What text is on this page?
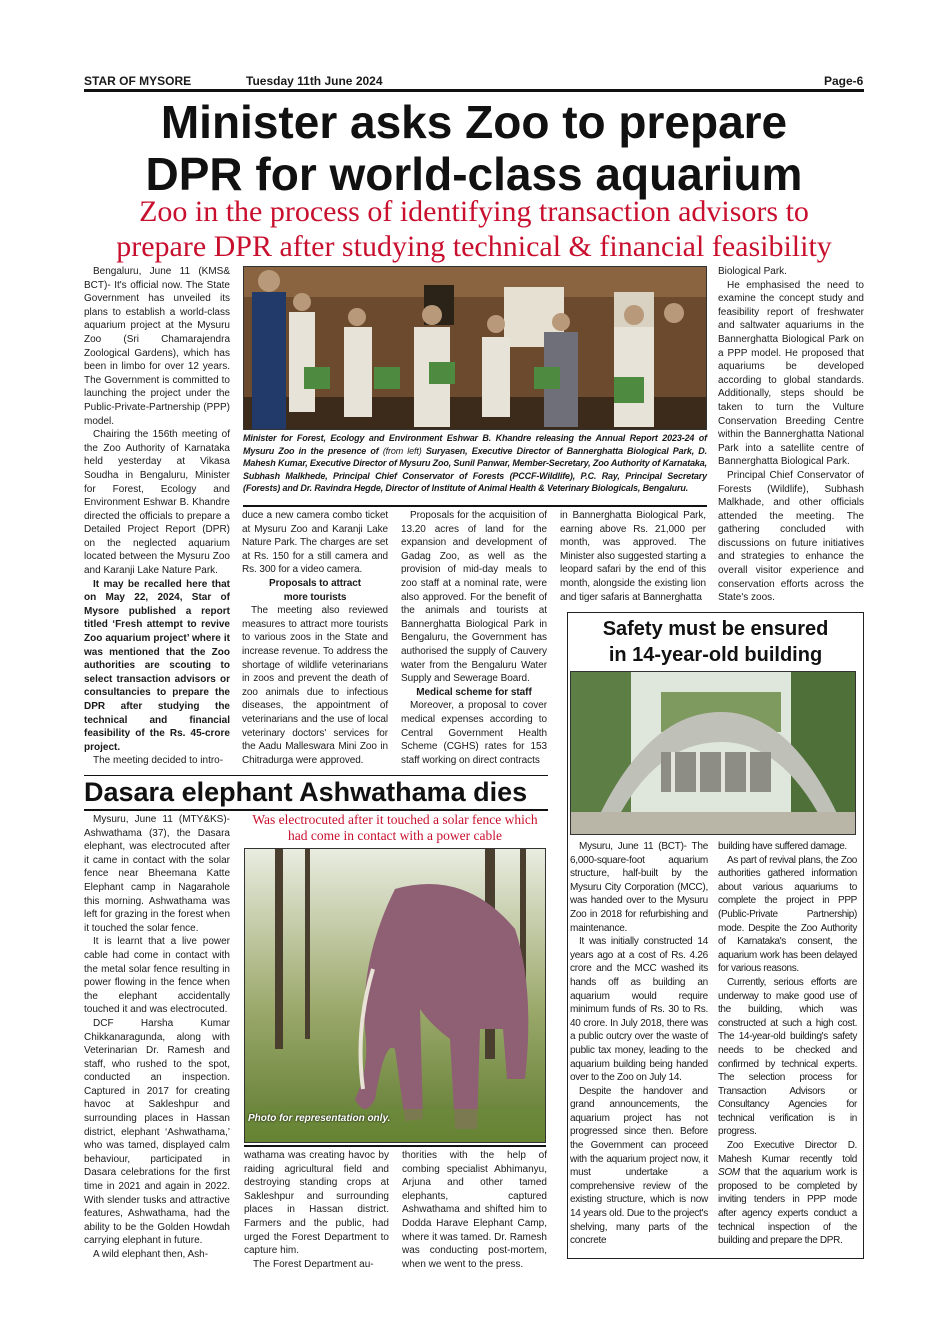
STAR OF MYSORE	Tuesday 11th June 2024	Page-6
Minister asks Zoo to prepare
DPR for world-class aquarium
Zoo in the process of identifying transaction advisors to
prepare DPR after studying technical & financial feasibility

Bengaluru, June 11 (KMS& BCT)- It's official now. The State Government has unveiled its plans to establish a world-class aquarium project at the Mysuru Zoo (Sri Chamarajendra Zoological Gardens), which has been in limbo for over 12 years. The Government is committed to launching the project under the Public-Private-Partnership (PPP) model.

Chairing the 156th meeting of the Zoo Authority of Karnataka held yesterday at Vikasa Soudha in Bengaluru, Minister for Forest, Ecology and Environment Eshwar B. Khandre directed the officials to prepare a Detailed Project Report (DPR) on the neglected aquarium located between the Mysuru Zoo and Karanji Lake Nature Park.

It may be recalled here that on May 22, 2024, Star of Mysore published a report titled ‘Fresh attempt to revive Zoo aquarium project’ where it was mentioned that the Zoo authorities are scouting to select transaction advisors or consultancies to prepare the DPR after studying the technical and financial feasibility of the Rs. 45-crore project.

The meeting decided to intro-

Minister for Forest, Ecology and Environment Eshwar B. Khandre releasing the Annual Report 2023-24 of Mysuru Zoo in the presence of (from left) Suryasen, Executive Director of Bannerghatta Biological Park, D. Mahesh Kumar, Executive Director of Mysuru Zoo, Sunil Panwar, Member-Secretary, Zoo Authority of Karnataka, Subhash Malkhede, Principal Chief Conservator of Forests (PCCF-Wildlife), P.C. Ray, Principal Secretary (Forests) and Dr. Ravindra Hegde, Director of Institute of Animal Health & Veterinary Biologicals, Bengaluru.

duce a new camera combo ticket at Mysuru Zoo and Karanji Lake Nature Park. The charges are set at Rs. 150 for a still camera and Rs. 300 for a video camera.

Proposals to attract
more tourists

The meeting also reviewed measures to attract more tourists to various zoos in the State and increase revenue. To address the shortage of wildlife veterinarians in zoos and prevent the death of zoo animals due to infectious diseases, the appointment of veterinarians and the use of local veterinary doctors' services for the Aadu Malleswara Mini Zoo in Chitradurga were approved.

Proposals for the acquisition of 13.20 acres of land for the expansion and development of Gadag Zoo, as well as the provision of mid-day meals to zoo staff at a nominal rate, were also approved. For the benefit of the animals and tourists at Bannerghatta Biological Park in Bengaluru, the Government has authorised the supply of Cauvery water from the Bengaluru Water Supply and Sewerage Board.

Medical scheme for staff

Moreover, a proposal to cover medical expenses according to Central Government Health Scheme (CGHS) rates for 153 staff working on direct contracts

in Bannerghatta Biological Park, earning above Rs. 21,000 per month, was approved. The Minister also suggested starting a leopard safari by the end of this month, alongside the existing lion and tiger safaris at Bannerghatta

Biological Park.

He emphasised the need to examine the concept study and feasibility report of freshwater and saltwater aquariums in the Bannerghatta Biological Park on a PPP model. He proposed that aquariums be developed according to global standards. Additionally, steps should be taken to turn the Vulture Conservation Breeding Centre within the Bannerghatta National Park into a satellite centre of Bannerghatta Biological Park.

Principal Chief Conservator of Forests (Wildlife), Subhash Malkhade, and other officials attended the meeting. The gathering concluded with discussions on future initiatives and strategies to enhance the overall visitor experience and conservation efforts across the State's zoos.

Dasara elephant Ashwathama dies

Mysuru, June 11 (MTY&KS)- Ashwathama (37), the Dasara elephant, was electrocuted after it came in contact with the solar fence near Bheemana Katte Elephant camp in Nagarahole this morning. Ashwathama was left for grazing in the forest when it touched the solar fence.

It is learnt that a live power cable had come in contact with the metal solar fence resulting in power flowing in the fence when the elephant accidentally touched it and was electrocuted.

DCF Harsha Kumar Chikkanaragunda, along with Veterinarian Dr. Ramesh and staff, who rushed to the spot, conducted an inspection. Captured in 2017 for creating havoc at Sakleshpur and surrounding places in Hassan district, elephant ‘Ashwathama,’ who was tamed, displayed calm behaviour, participated in Dasara celebrations for the first time in 2021 and again in 2022. With slender tusks and attractive features, Ashwathama, had the ability to be the Golden Howdah carrying elephant in future.

A wild elephant then, Ash-

Was electrocuted after it touched a solar fence which
had come in contact with a power cable
Photo for representation only.

wathama was creating havoc by raiding agricultural field and destroying standing crops at Sakleshpur and surrounding places in Hassan district. Farmers and the public, had urged the Forest Department to capture him.

The Forest Department au-

thorities with the help of combing specialist Abhimanyu, Arjuna and other tamed elephants, captured Ashwathama and shifted him to Dodda Harave Elephant Camp, where it was tamed. Dr. Ramesh was conducting post-mortem, when we went to the press.

Safety must be ensured
in 14-year-old building

Mysuru, June 11 (BCT)- The 6,000-square-foot aquarium structure, half-built by the Mysuru City Corporation (MCC), was handed over to the Mysuru Zoo in 2018 for refurbishing and maintenance.

It was initially constructed 14 years ago at a cost of Rs. 4.26 crore and the MCC washed its hands off as building an aquarium would require minimum funds of Rs. 30 to Rs. 40 crore. In July 2018, there was a public outcry over the waste of public tax money, leading to the aquarium building being handed over to the Zoo on July 14.

Despite the handover and grand announcements, the aquarium project has not progressed since then. Before the Government can proceed with the aquarium project now, it must undertake a comprehensive review of the existing structure, which is now 14 years old. Due to the project's shelving, many parts of the concrete

building have suffered damage.

As part of revival plans, the Zoo authorities gathered information about various aquariums to complete the project in PPP (Public-Private Partnership) mode. Despite the Zoo Authority of Karnataka's consent, the aquarium work has been delayed for various reasons.

Currently, serious efforts are underway to make good use of the building, which was constructed at such a high cost. The 14-year-old building's safety needs to be checked and confirmed by technical experts. The selection process for Transaction Advisors or Consultancy Agencies for technical verification is in progress.

Zoo Executive Director D. Mahesh Kumar recently told SOM that the aquarium work is proposed to be completed by inviting tenders in PPP mode after agency experts conduct a technical inspection of the building and prepare the DPR.
